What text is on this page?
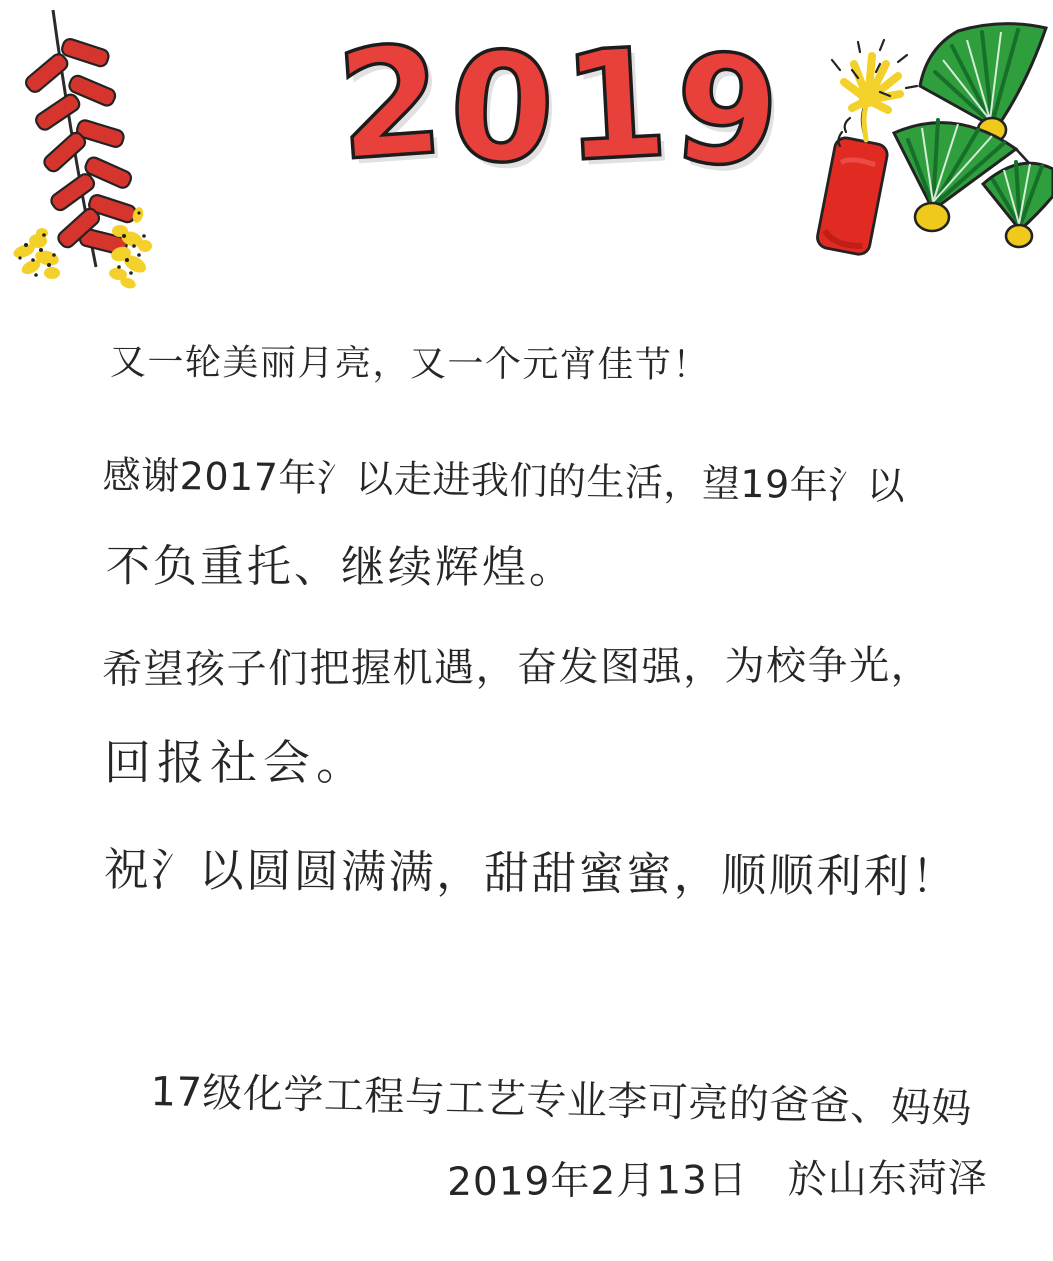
2
0 1
9
又一轮美丽月亮，又一个元宵佳节！
感谢2017年氵以走进我们的生活，望19年氵以
不负重托、继续辉煌。
希望孩子们把握机遇，奋发图强，为校争光，
回报社会。
祝氵以圆圆满满，甜甜蜜蜜，顺顺利利！
17级化学工程与工艺专业李可亮的爸爸、妈妈
2019年2月13日　於山东菏泽
